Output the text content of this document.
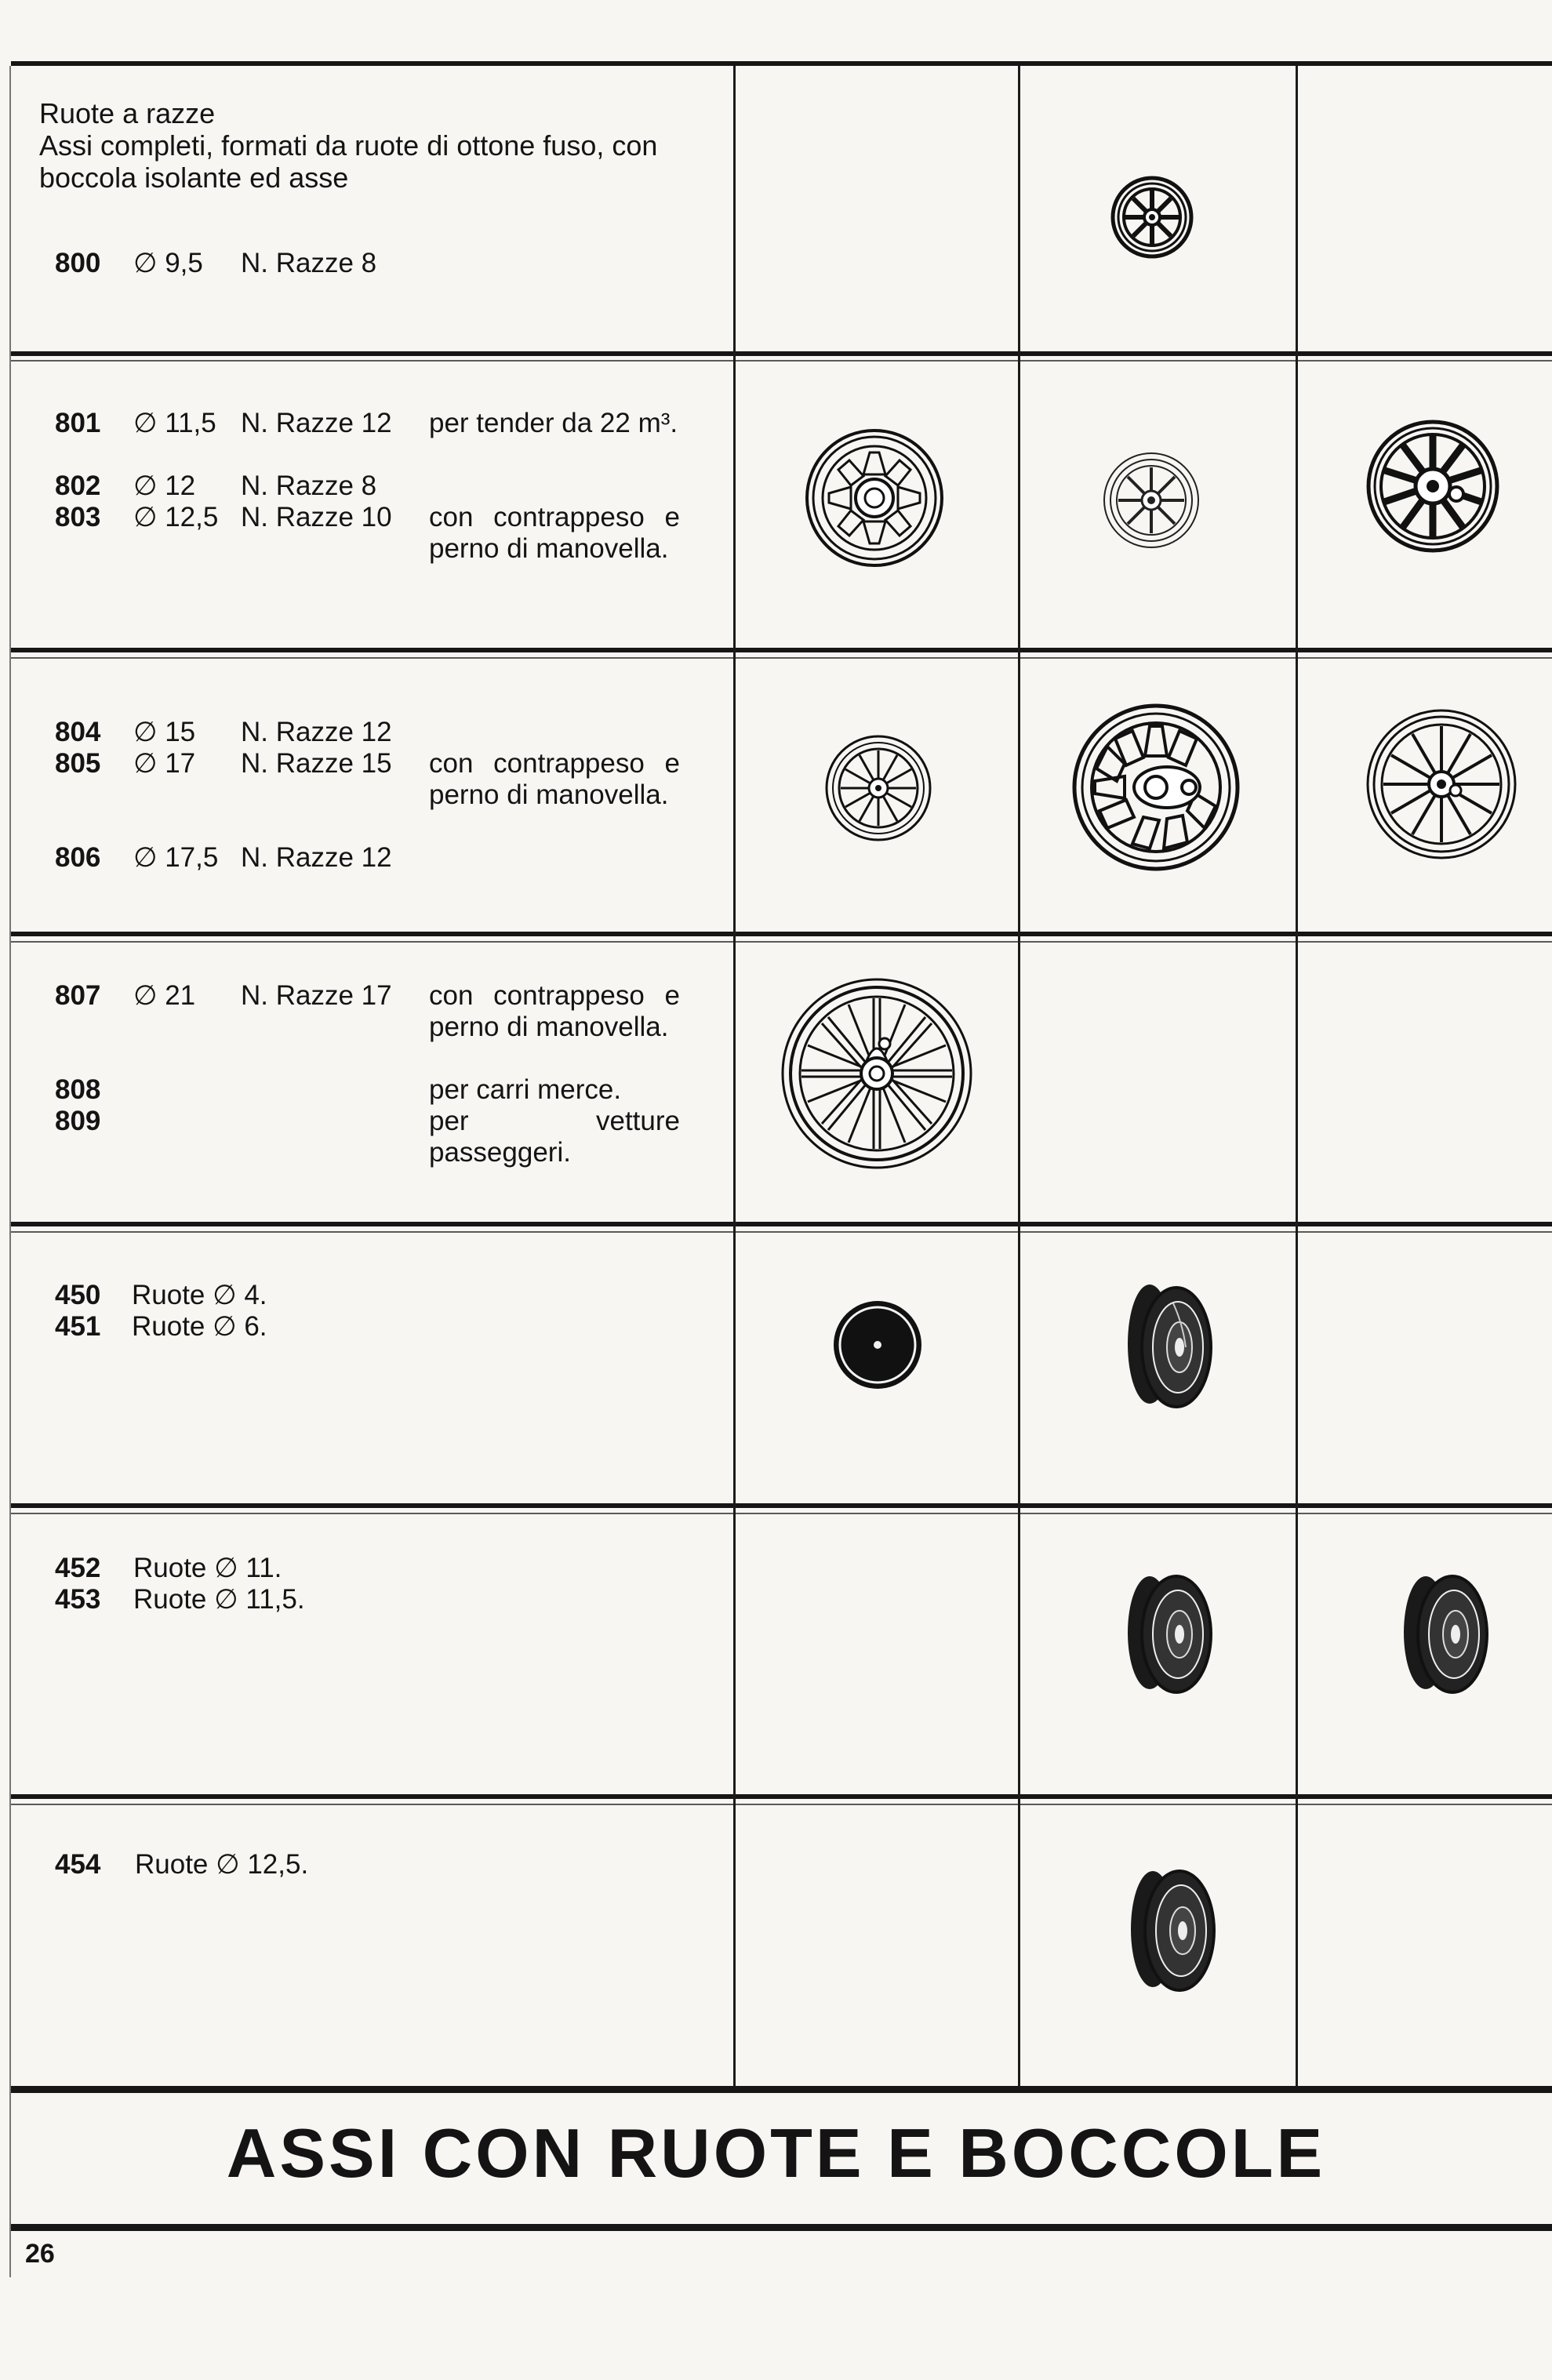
Ruote a razze
Assi completi, formati da ruote di ottone fuso, con boccola isolante ed asse
800 ∅ 9,5 N. Razze 8
801 ∅ 11,5 N. Razze 12 per tender da 22 m³.
802 ∅ 12 N. Razze 8
803 ∅ 12,5 N. Razze 10 con contrappeso e perno di manovella.
804 ∅ 15 N. Razze 12
805 ∅ 17 N. Razze 15 con contrappeso e perno di manovella.
806 ∅ 17,5 N. Razze 12
807 ∅ 21 N. Razze 17 con contrappeso e perno di manovella.
808	per carri merce.
809	per vetture passeggeri.
450 Ruote ∅ 4.
451 Ruote ∅ 6.
452 Ruote ∅ 11.
453 Ruote ∅ 11,5.
454 Ruote ∅ 12,5.
ASSI CON RUOTE E BOCCOLE
26
